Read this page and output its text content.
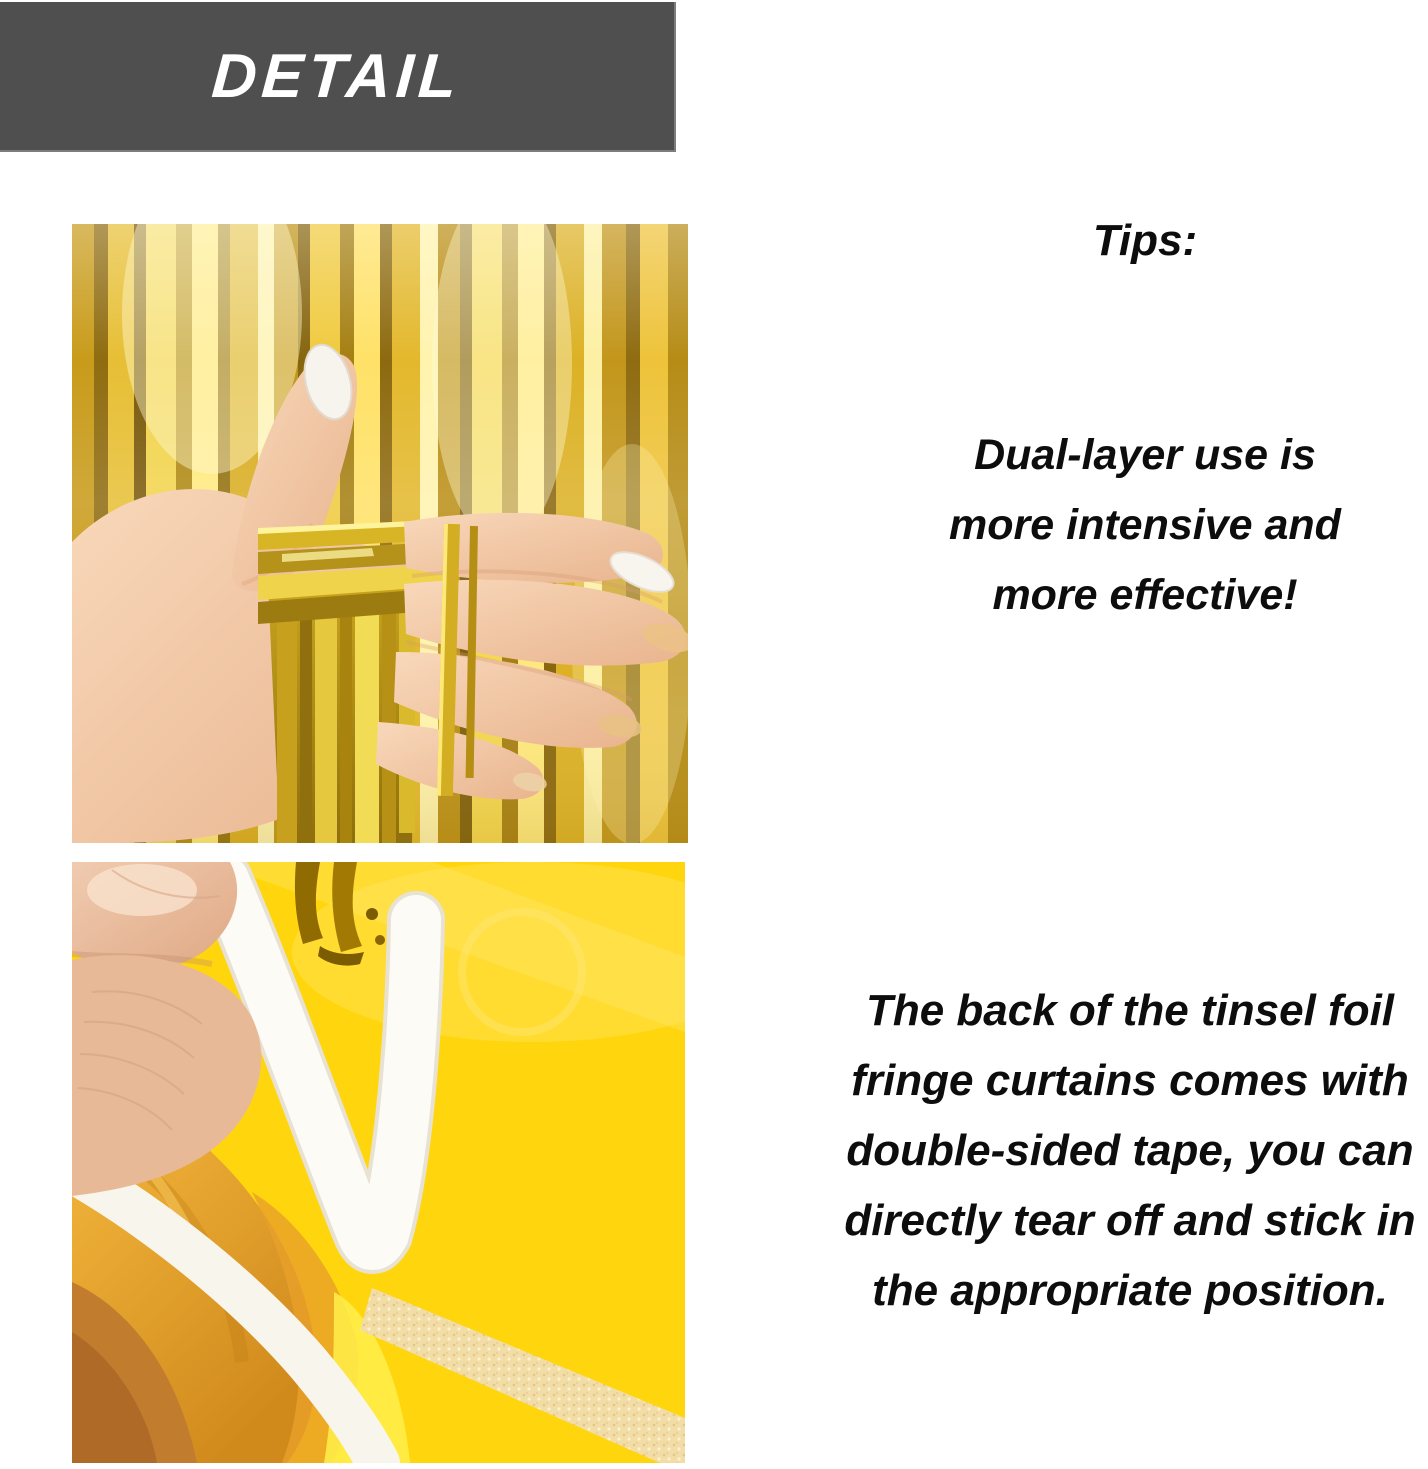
DETAIL
Tips:

Dual-layer use is

more intensive and

more effective!

The back of the tinsel foil

fringe curtains comes with

double-sided tape, you can

directly tear off and stick in

the appropriate position.
